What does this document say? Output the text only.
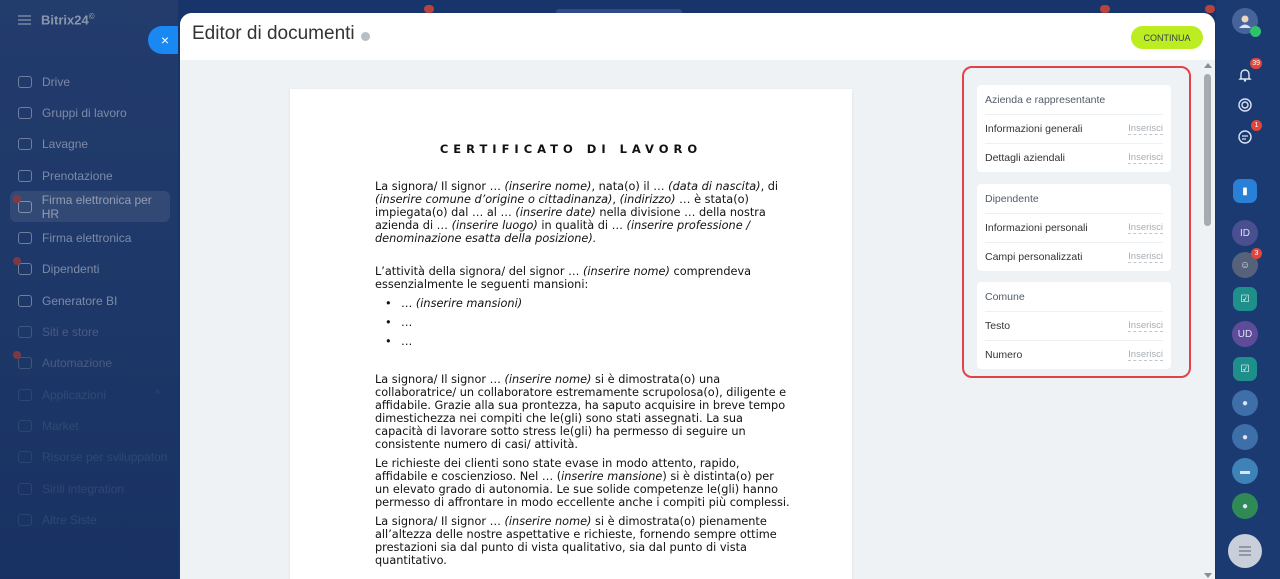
Bitrix24©
Drive
Gruppi di lavoro
Lavagne
Prenotazione
Firma elettronica per HR
Firma elettronica
Dipendenti
Generatore BI
Siti e store
Automazione
Applicazioni	^
Market
Risorse per sviluppatori
Sirili integration
Altre Siste
39
1
▮
ID
☺
3
☑
UD
☑
●
●
▬
●
× Editor di documenti	CONTINUA
CERTIFICATO DI LAVORO

La signora/ Il signor … (inserire nome), nata(o) il … (data di nascita), di (inserire comune d’origine o cittadinanza), (indirizzo) … è stata(o) impiegata(o) dal … al … (inserire date) nella divisione … della nostra azienda di … (inserire luogo) in qualità di … (inserire professione / denominazione esatta della posizione).

L’attività della signora/ del signor … (inserire nome) comprendeva essenzialmente le seguenti mansioni:

• … (inserire mansioni)
• …
• …

La signora/ Il signor … (inserire nome) si è dimostrata(o) una collaboratrice/ un collaboratore estremamente scrupolosa(o), diligente e affidabile. Grazie alla sua prontezza, ha saputo acquisire in breve tempo dimestichezza nei compiti che le(gli) sono stati assegnati. La sua capacità di lavorare sotto stress le(gli) ha permesso di seguire un consistente numero di casi/ attività.

Le richieste dei clienti sono state evase in modo attento, rapido, affidabile e coscienzioso. Nel … (inserire mansione) si è distinta(o) per un elevato grado di autonomia. Le sue solide competenze le(gli) hanno permesso di affrontare in modo eccellente anche i compiti più complessi.

La signora/ Il signor … (inserire nome) si è dimostrata(o) pienamente all’altezza delle nostre aspettative e richieste, fornendo sempre ottime prestazioni sia dal punto di vista qualitativo, sia dal punto di vista quantitativo.

Azienda e rappresentante
Informazioni generali	Inserisci
Dettagli aziendali	Inserisci
Dipendente
Informazioni personali	Inserisci
Campi personalizzati	Inserisci
Comune
Testo	Inserisci
Numero	Inserisci
